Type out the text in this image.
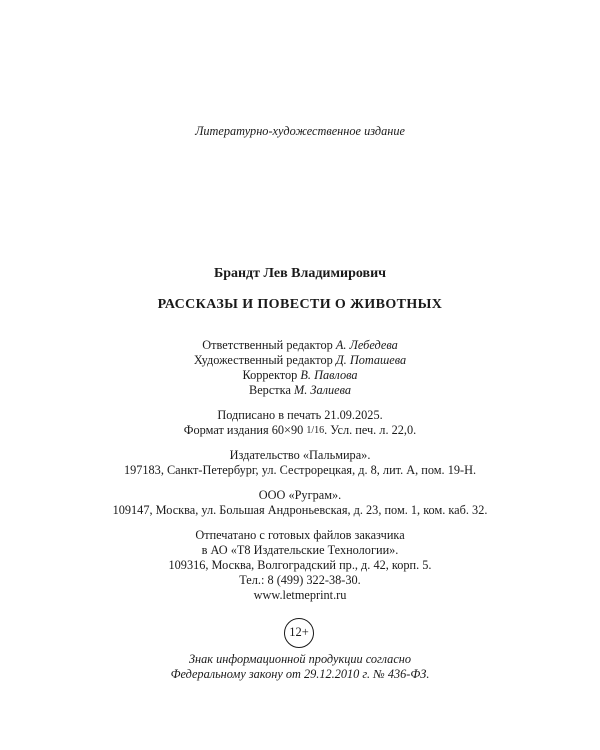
Литературно-художественное издание
Брандт Лев Владимирович
РАССКАЗЫ И ПОВЕСТИ О ЖИВОТНЫХ
Ответственный редактор А. Лебедева
Художественный редактор Д. Поташева
Корректор В. Павлова
Верстка М. Залиева
Подписано в печать 21.09.2025.
Формат издания 60×90 1/16. Усл. печ. л. 22,0.
Издательство «Пальмира».
197183, Санкт-Петербург, ул. Сестрорецкая, д. 8, лит. А, пом. 19-Н.
ООО «Руграм».
109147, Москва, ул. Большая Андроньевская, д. 23, пом. 1, ком. каб. 32.
Отпечатано с готовых файлов заказчика
в АО «Т8 Издательские Технологии».
109316, Москва, Волгоградский пр., д. 42, корп. 5.
Тел.: 8 (499) 322-38-30.
www.letmeprint.ru
12+
Знак информационной продукции согласно
Федеральному закону от 29.12.2010 г. № 436-ФЗ.
